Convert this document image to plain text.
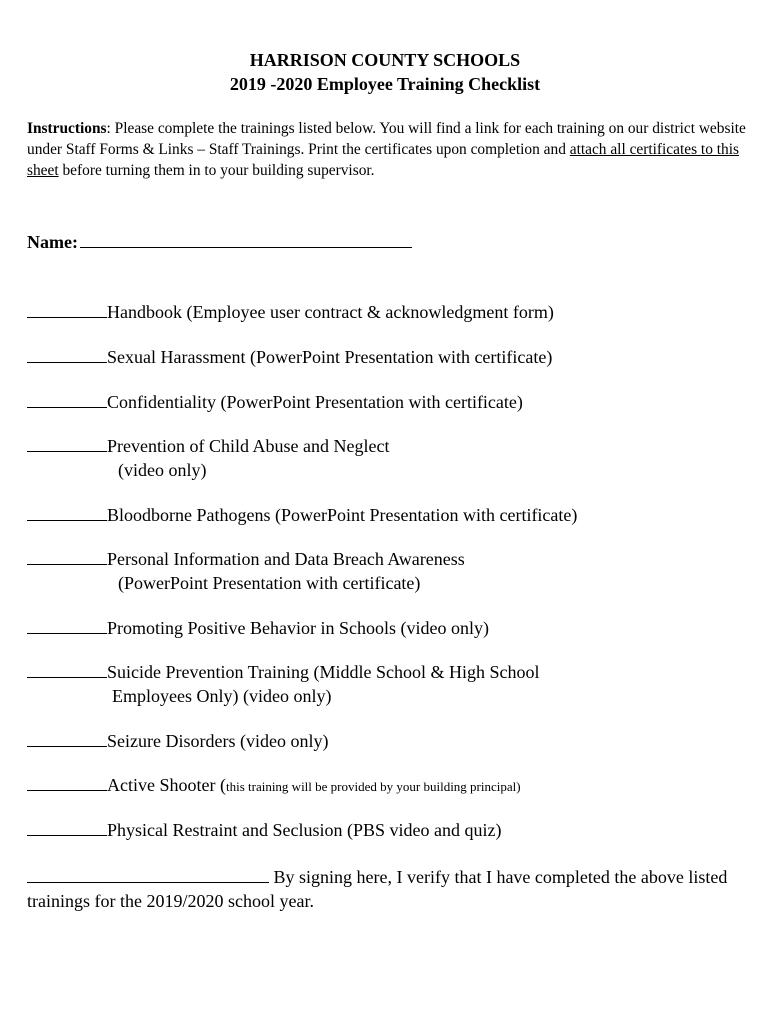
HARRISON COUNTY SCHOOLS
2019 -2020 Employee Training Checklist
Instructions: Please complete the trainings listed below. You will find a link for each training on our district website under Staff Forms & Links – Staff Trainings. Print the certificates upon completion and attach all certificates to this sheet before turning them in to your building supervisor.
Name:
Handbook (Employee user contract & acknowledgment form)
Sexual Harassment (PowerPoint Presentation with certificate)
Confidentiality (PowerPoint Presentation with certificate)
Prevention of Child Abuse and Neglect
(video only)
Bloodborne Pathogens (PowerPoint Presentation with certificate)
Personal Information and Data Breach Awareness
(PowerPoint Presentation with certificate)
Promoting Positive Behavior in Schools (video only)
Suicide Prevention Training (Middle School & High School
Employees Only) (video only)
Seizure Disorders (video only)
Active Shooter (this training will be provided by your building principal)
Physical Restraint and Seclusion (PBS video and quiz)
By signing here, I verify that I have completed the above listed trainings for the 2019/2020 school year.
